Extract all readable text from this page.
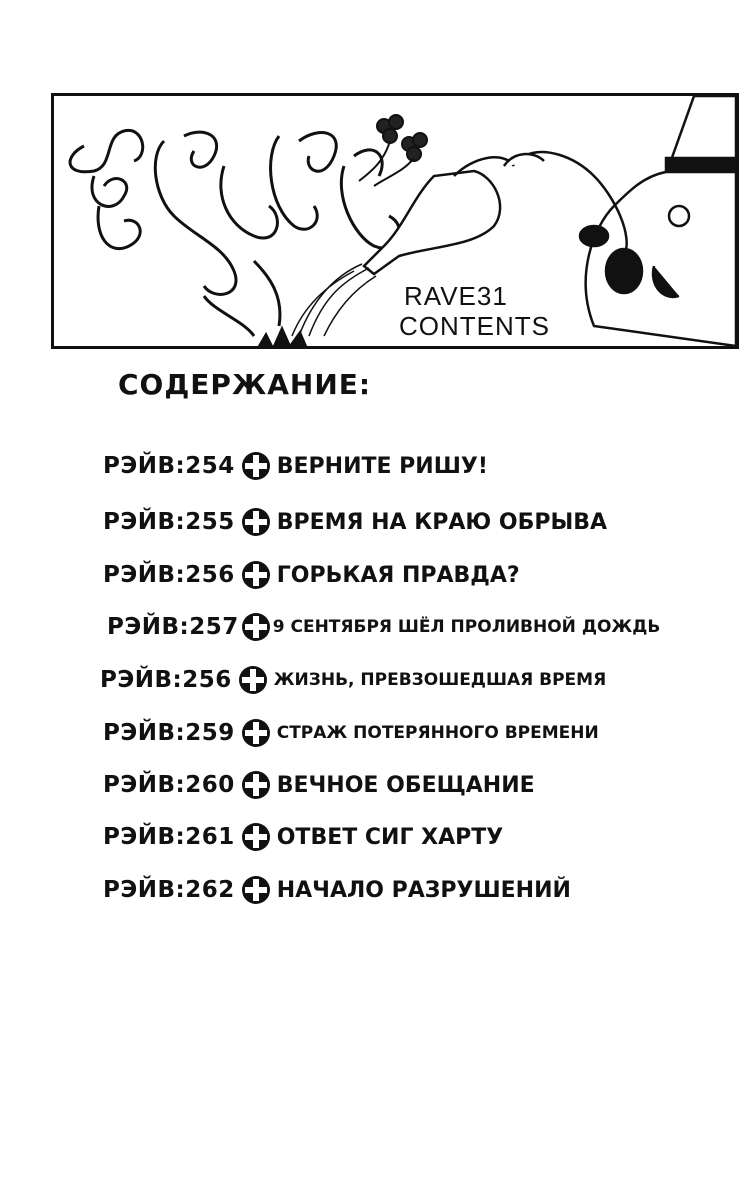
RAVE31
CONTENTS
СОДЕРЖАНИЕ:
РЭЙВ:254 ВЕРНИТЕ РИШУ!
РЭЙВ:255 ВРЕМЯ НА КРАЮ ОБРЫВА
РЭЙВ:256 ГОРЬКАЯ ПРАВДА?
РЭЙВ:257 9 СЕНТЯБРЯ ШЁЛ ПРОЛИВНОЙ ДОЖДЬ
РЭЙВ:256 ЖИЗНЬ, ПРЕВЗОШЕДШАЯ ВРЕМЯ
РЭЙВ:259 СТРАЖ ПОТЕРЯННОГО ВРЕМЕНИ
РЭЙВ:260 ВЕЧНОЕ ОБЕЩАНИЕ
РЭЙВ:261 ОТВЕТ СИГ ХАРТУ
РЭЙВ:262 НАЧАЛО РАЗРУШЕНИЙ
